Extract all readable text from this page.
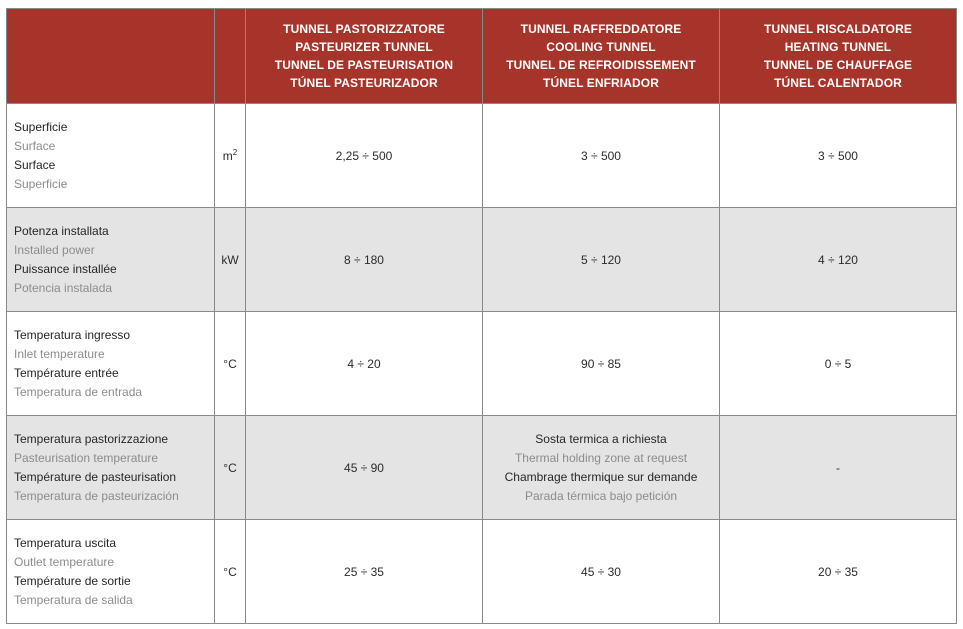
		TUNNEL PASTORIZZATORE
PASTEURIZER TUNNEL
TUNNEL DE PASTEURISATION
TÚNEL PASTEURIZADOR	TUNNEL RAFFREDDATORE
COOLING TUNNEL
TUNNEL DE REFROIDISSEMENT
TÚNEL ENFRIADOR	TUNNEL RISCALDATORE
HEATING TUNNEL
TUNNEL DE CHAUFFAGE
TÚNEL CALENTADOR

Superficie
Surface
Surface
Superficie	$m^2$	2,25 ÷ 500	3 ÷ 500	3 ÷ 500

Potenza installata
Installed power
Puissance installée
Potencia instalada	kW	8 ÷ 180	5 ÷ 120	4 ÷ 120

Temperatura ingresso
Inlet temperature
Température entrée
Temperatura de entrada	°C	4 ÷ 20	90 ÷ 85	0 ÷ 5

Temperatura pastorizzazione
Pasteurisation temperature
Température de pasteurisation
Temperatura de pasteurización	°C	45 ÷ 90	Sosta termica a richiesta
Thermal holding zone at request
Chambrage thermique sur demande
Parada térmica bajo petición	-

Temperatura uscita
Outlet temperature
Température de sortie
Temperatura de salida	°C	25 ÷ 35	45 ÷ 30	20 ÷ 35
